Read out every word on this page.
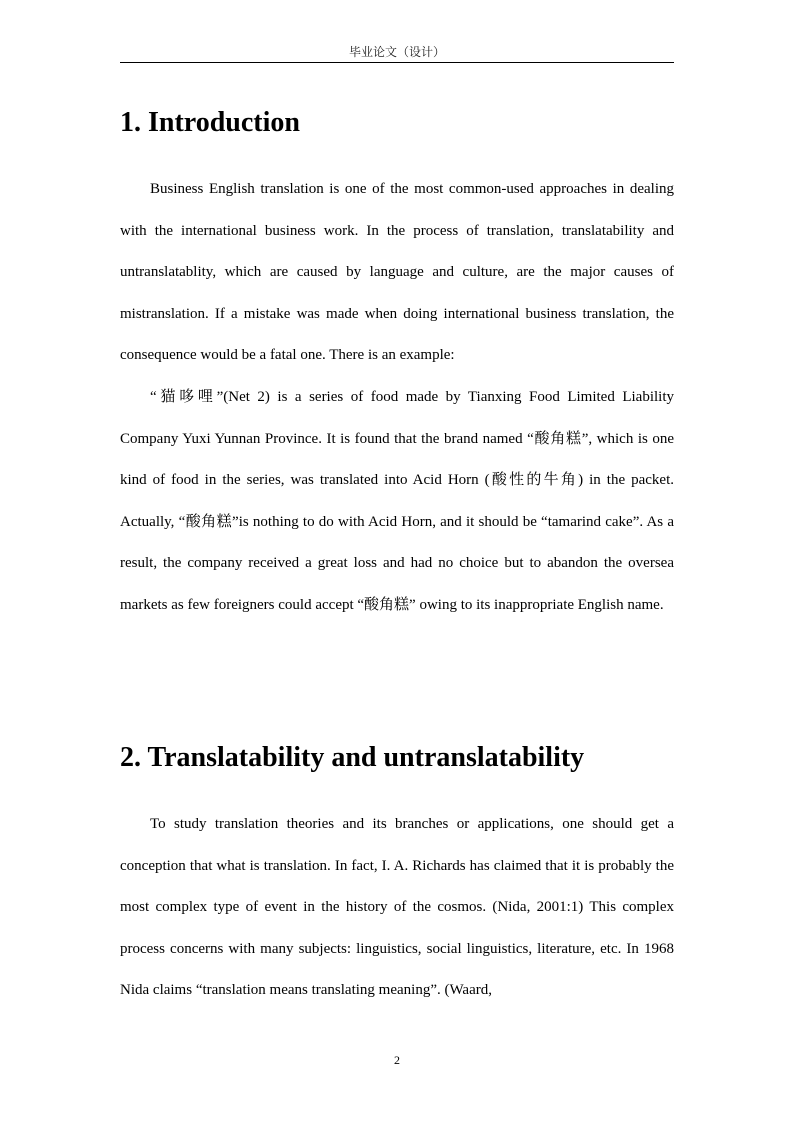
毕业论文（设计）
1. Introduction

Business English translation is one of the most common-used approaches in dealing with the international business work. In the process of translation, translatability and untranslatablity, which are caused by language and culture, are the major causes of mistranslation. If a mistake was made when doing international business translation, the consequence would be a fatal one. There is an example:

“猫哆哩”(Net 2) is a series of food made by Tianxing Food Limited Liability Company Yuxi Yunnan Province. It is found that the brand named “酸角糕”, which is one kind of food in the series, was translated into Acid Horn (酸性的牛角) in the packet. Actually, “酸角糕”is nothing to do with Acid Horn, and it should be “tamarind cake”. As a result, the company received a great loss and had no choice but to abandon the oversea markets as few foreigners could accept “酸角糕” owing to its inappropriate English name.

2. Translatability and untranslatability

To study translation theories and its branches or applications, one should get a conception that what is translation. In fact, I. A. Richards has claimed that it is probably the most complex type of event in the history of the cosmos. (Nida, 2001:1) This complex process concerns with many subjects: linguistics, social linguistics, literature, etc. In 1968 Nida claims “translation means translating meaning”. (Waard,

2
